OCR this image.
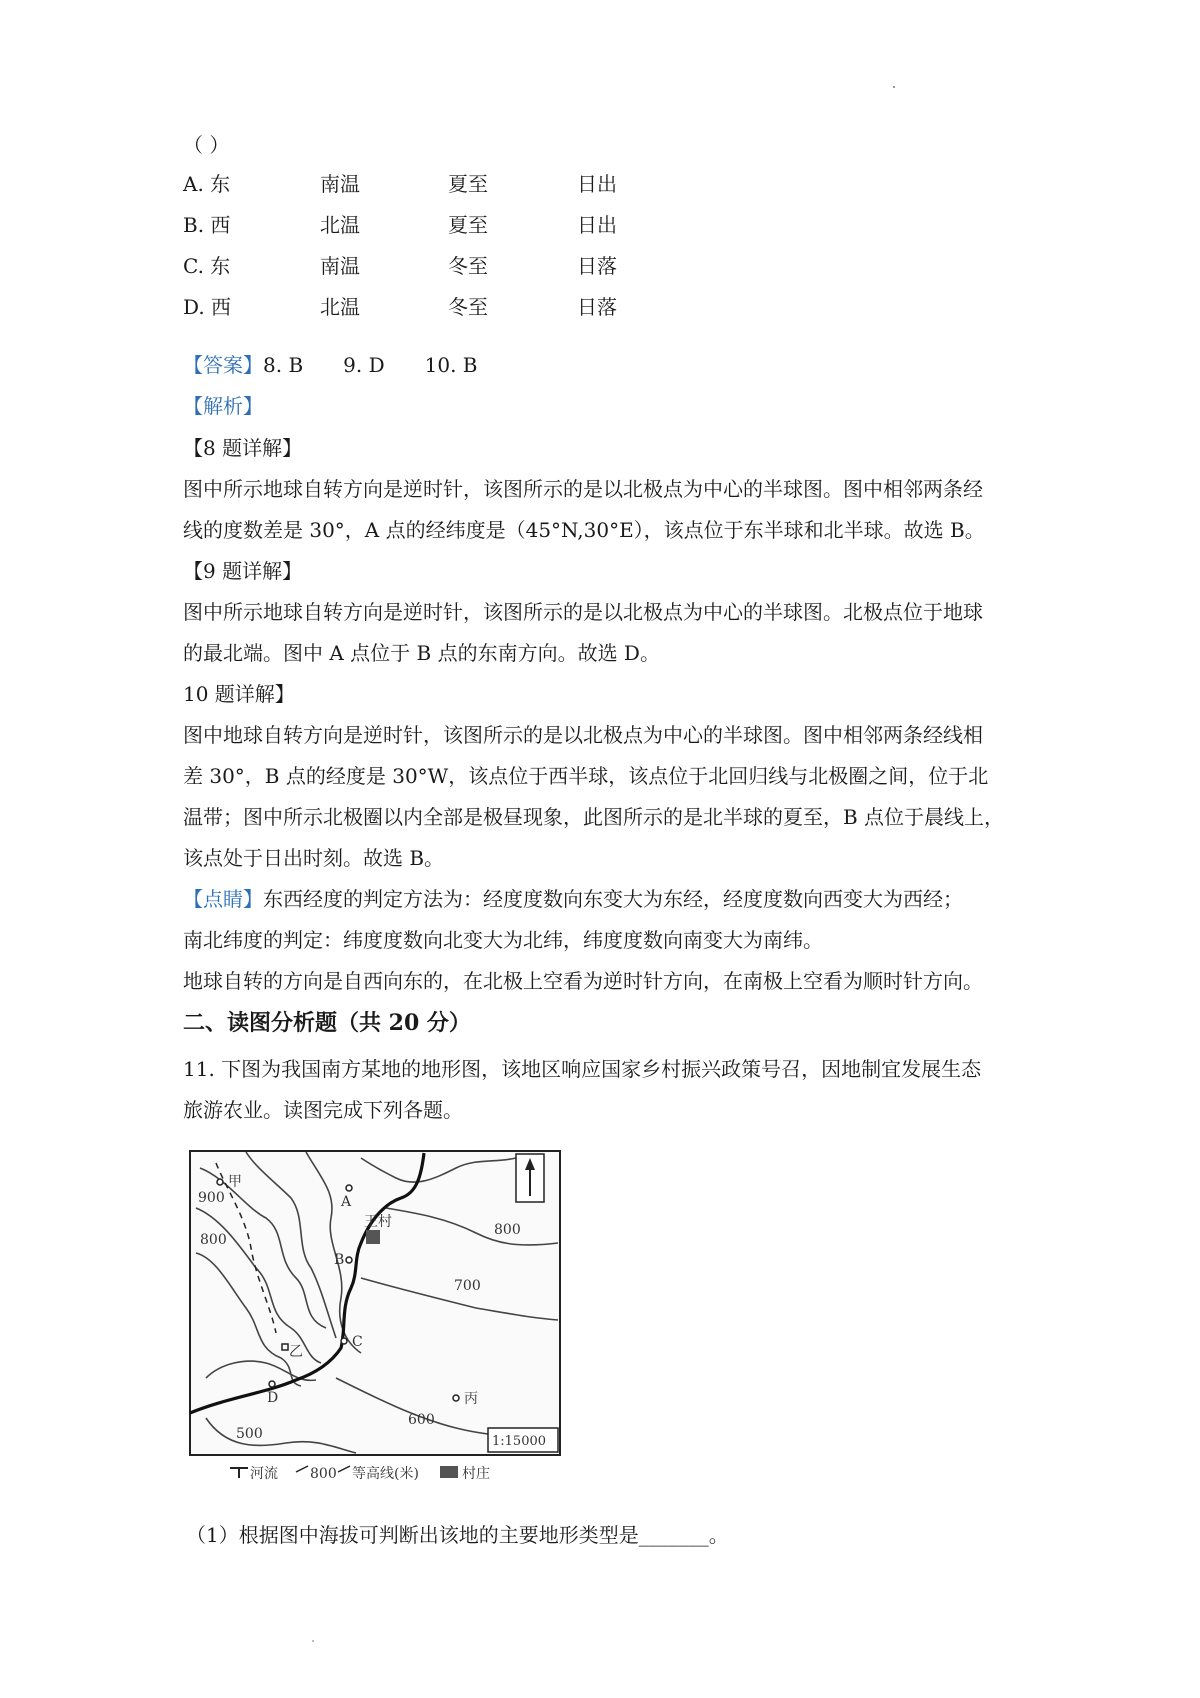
（ ）
A. 东	南温	夏至	日出
B. 西	北温	夏至	日出
C. 东	南温	冬至	日落
D. 西	北温	冬至	日落
【答案】8. B 9. D 10. B
【解析】
【8 题详解】
图中所示地球自转方向是逆时针，该图所示的是以北极点为中心的半球图。图中相邻两条经
线的度数差是 30°，A 点的经纬度是（45°N,30°E），该点位于东半球和北半球。故选 B。
【9 题详解】
图中所示地球自转方向是逆时针，该图所示的是以北极点为中心的半球图。北极点位于地球
的最北端。图中 A 点位于 B 点的东南方向。故选 D。
10 题详解】
图中地球自转方向是逆时针，该图所示的是以北极点为中心的半球图。图中相邻两条经线相
差 30°，B 点的经度是 30°W，该点位于西半球，该点位于北回归线与北极圈之间，位于北
温带；图中所示北极圈以内全部是极昼现象，此图所示的是北半球的夏至，B 点位于晨线上，
该点处于日出时刻。故选 B。
【点睛】东西经度的判定方法为：经度度数向东变大为东经，经度度数向西变大为西经；
南北纬度的判定：纬度度数向北变大为北纬，纬度度数向南变大为南纬。
地球自转的方向是自西向东的，在北极上空看为逆时针方向，在南极上空看为顺时针方向。
二、读图分析题（共 20 分）
11. 下图为我国南方某地的地形图，该地区响应国家乡村振兴政策号召，因地制宜发展生态
旅游农业。读图完成下列各题。
甲
A
王村
B
C
乙
D	丙
900
800
800
700
600
500	1:15000
河流 800 等高线(米)	村庄
（1）根据图中海拔可判断出该地的主要地形类型是_______。
